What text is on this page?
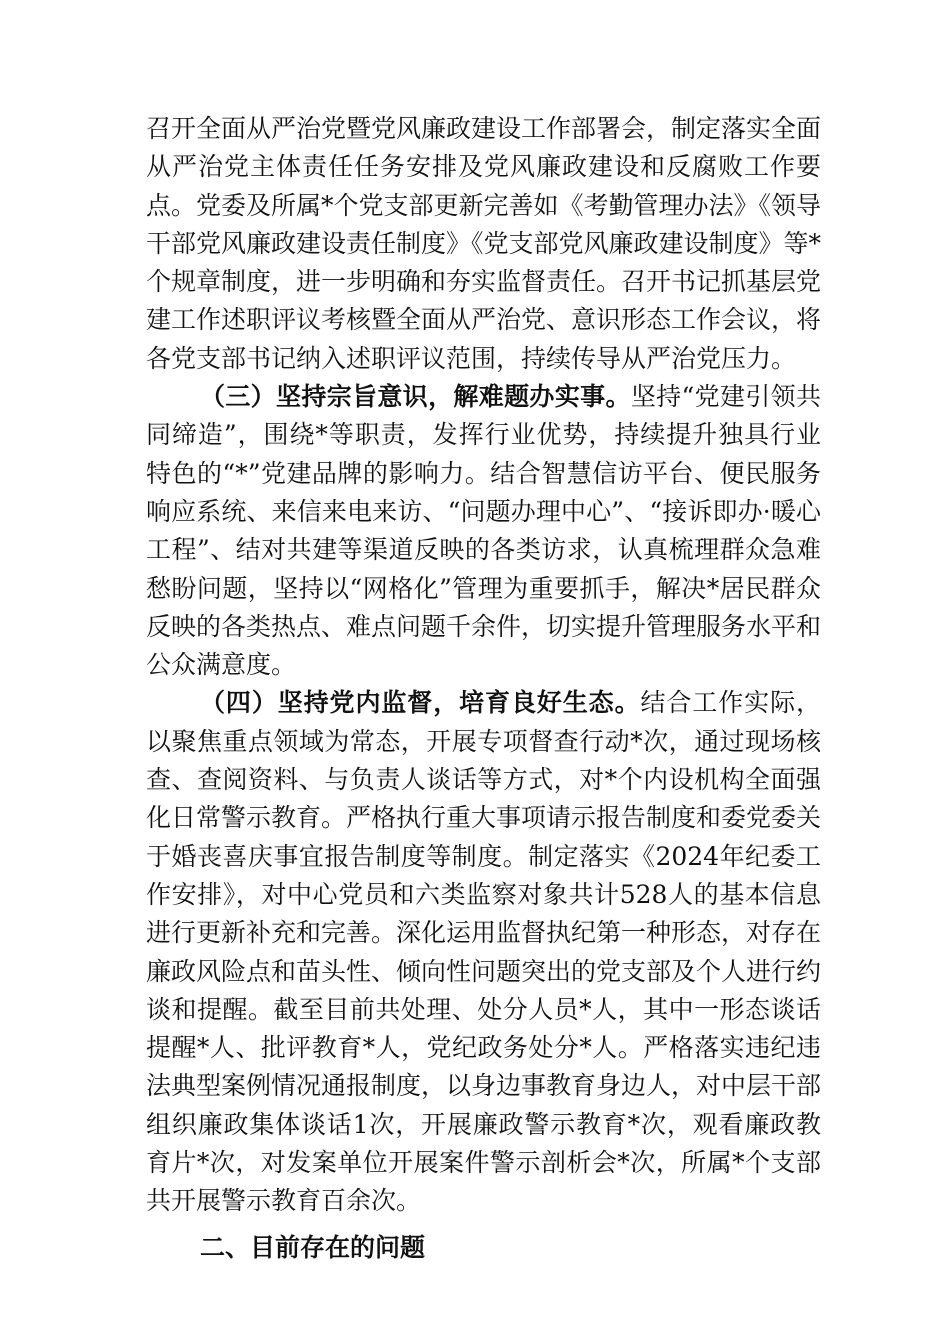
召开全面从严治党暨党风廉政建设工作部署会，制定落实全面从严治党主体责任任务安排及党风廉政建设和反腐败工作要点。党委及所属*个党支部更新完善如《考勤管理办法》《领导干部党风廉政建设责任制度》《党支部党风廉政建设制度》等*个规章制度，进一步明确和夯实监督责任。召开书记抓基层党建工作述职评议考核暨全面从严治党、意识形态工作会议，将各党支部书记纳入述职评议范围，持续传导从严治党压力。

（三）坚持宗旨意识，解难题办实事。坚持“党建引领共同缔造”，围绕*等职责，发挥行业优势，持续提升独具行业特色的“*”党建品牌的影响力。结合智慧信访平台、便民服务响应系统、来信来电来访、“问题办理中心”、“接诉即办·暖心工程”、结对共建等渠道反映的各类访求，认真梳理群众急难愁盼问题，坚持以“网格化”管理为重要抓手，解决*居民群众反映的各类热点、难点问题千余件，切实提升管理服务水平和公众满意度。

（四）坚持党内监督，培育良好生态。结合工作实际，以聚焦重点领域为常态，开展专项督查行动*次，通过现场核查、查阅资料、与负责人谈话等方式，对*个内设机构全面强化日常警示教育。严格执行重大事项请示报告制度和委党委关于婚丧喜庆事宜报告制度等制度。制定落实《2024年纪委工作安排》，对中心党员和六类监察对象共计528人的基本信息进行更新补充和完善。深化运用监督执纪第一种形态，对存在廉政风险点和苗头性、倾向性问题突出的党支部及个人进行约谈和提醒。截至目前共处理、处分人员*人，其中一形态谈话提醒*人、批评教育*人，党纪政务处分*人。严格落实违纪违法典型案例情况通报制度，以身边事教育身边人，对中层干部组织廉政集体谈话1次，开展廉政警示教育*次，观看廉政教育片*次，对发案单位开展案件警示剖析会*次，所属*个支部共开展警示教育百余次。

二、目前存在的问题
